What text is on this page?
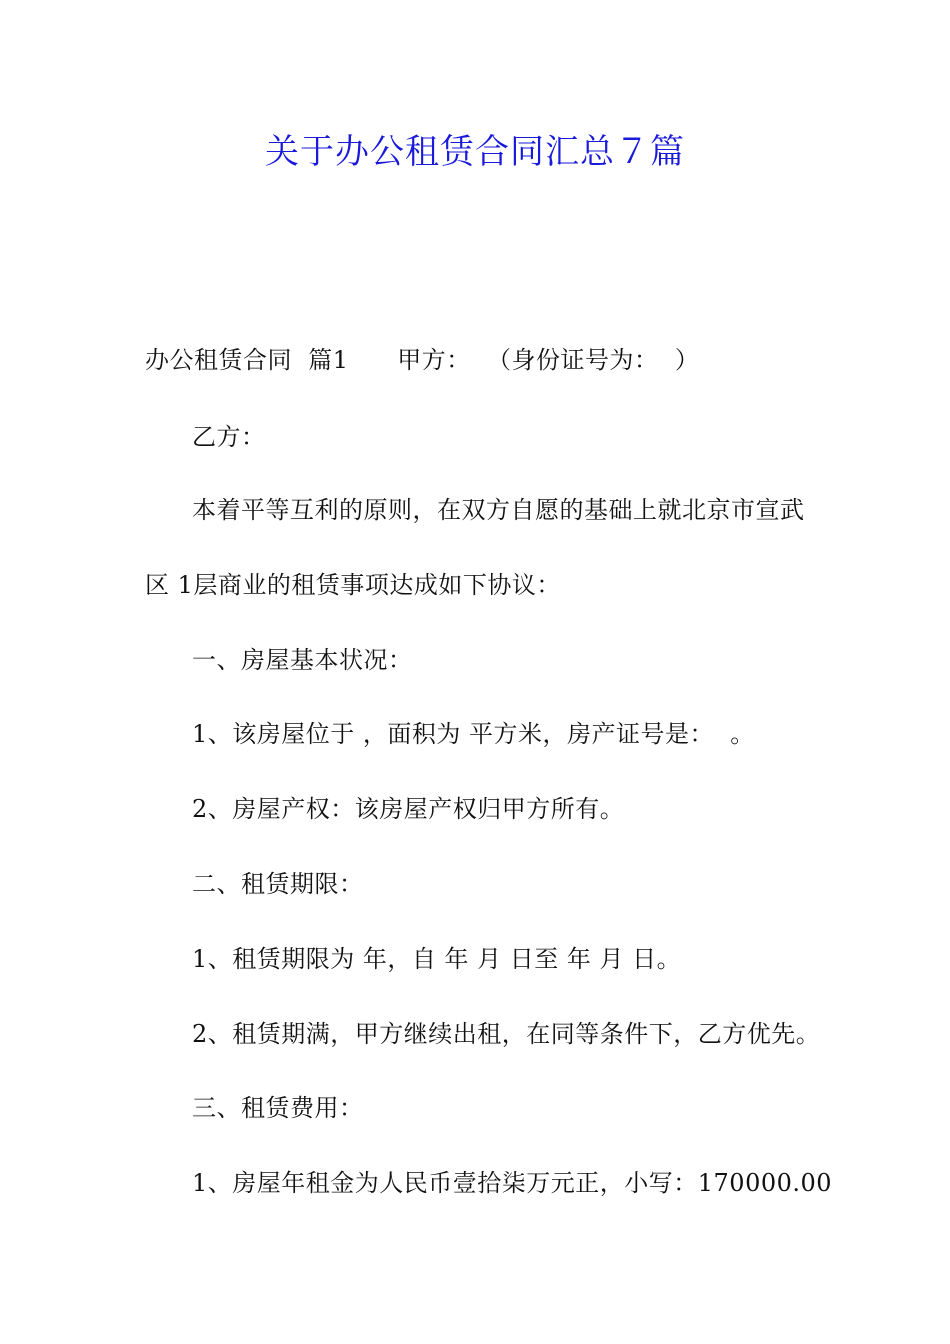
关于办公租赁合同汇总７篇
办公租赁合同  篇1      甲方：  （身份证号为：  ）
乙方：
本着平等互利的原则，在双方自愿的基础上就北京市宣武
区 1层商业的租赁事项达成如下协议：
一、房屋基本状况：
1、该房屋位于 ，面积为 平方米，房产证号是：  。
2、房屋产权：该房屋产权归甲方所有。
二、租赁期限：
1、租赁期限为 年，自 年 月 日至 年 月 日。
2、租赁期满，甲方继续出租，在同等条件下，乙方优先。
三、租赁费用：
1、房屋年租金为人民币壹拾柒万元正，小写：170000.00
